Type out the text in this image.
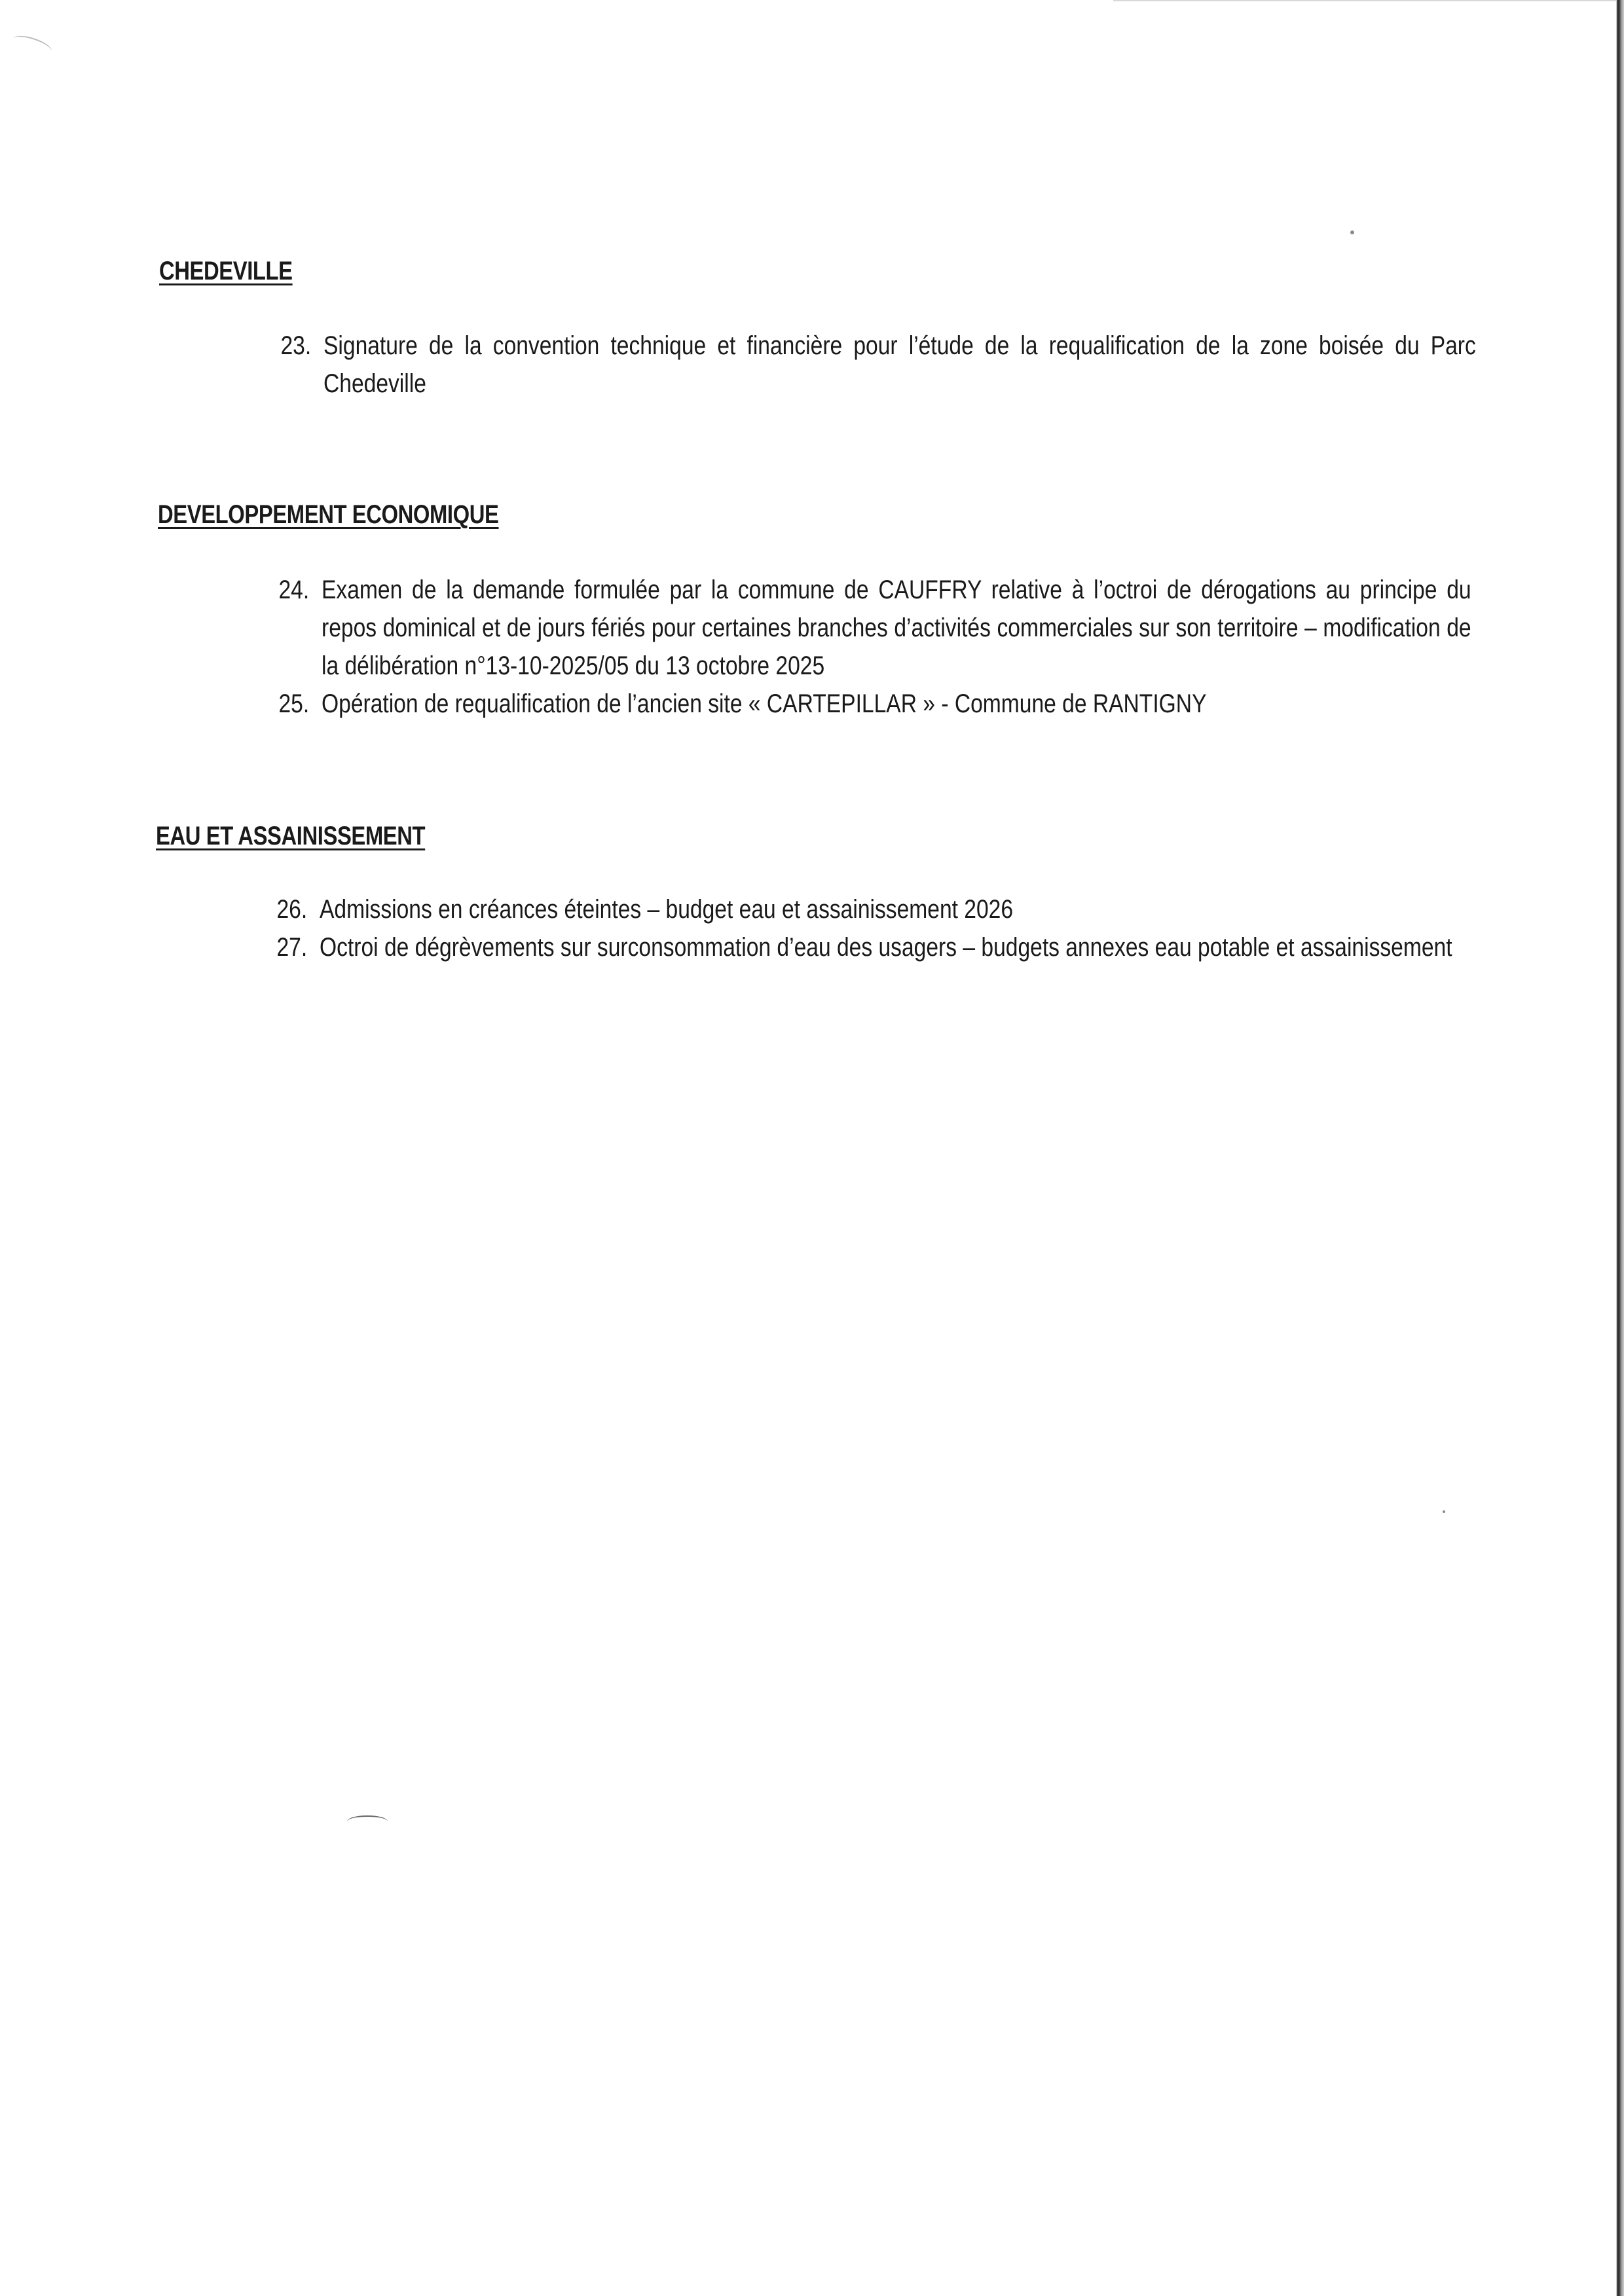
CHEDEVILLE
23. Signature de la convention technique et financière pour l’étude de la requalification de la zone boisée du Parc Chedeville
DEVELOPPEMENT ECONOMIQUE
24. Examen de la demande formulée par la commune de CAUFFRY relative à l’octroi de dérogations au principe du repos dominical et de jours fériés pour certaines branches d’activités commerciales sur son territoire – modification de la délibération n°13-10-2025/05 du 13 octobre 2025
25. Opération de requalification de l’ancien site « CARTEPILLAR » - Commune de RANTIGNY
EAU ET ASSAINISSEMENT
26. Admissions en créances éteintes – budget eau et assainissement 2026
27. Octroi de dégrèvements sur surconsommation d’eau des usagers – budgets annexes eau potable et assainissement
